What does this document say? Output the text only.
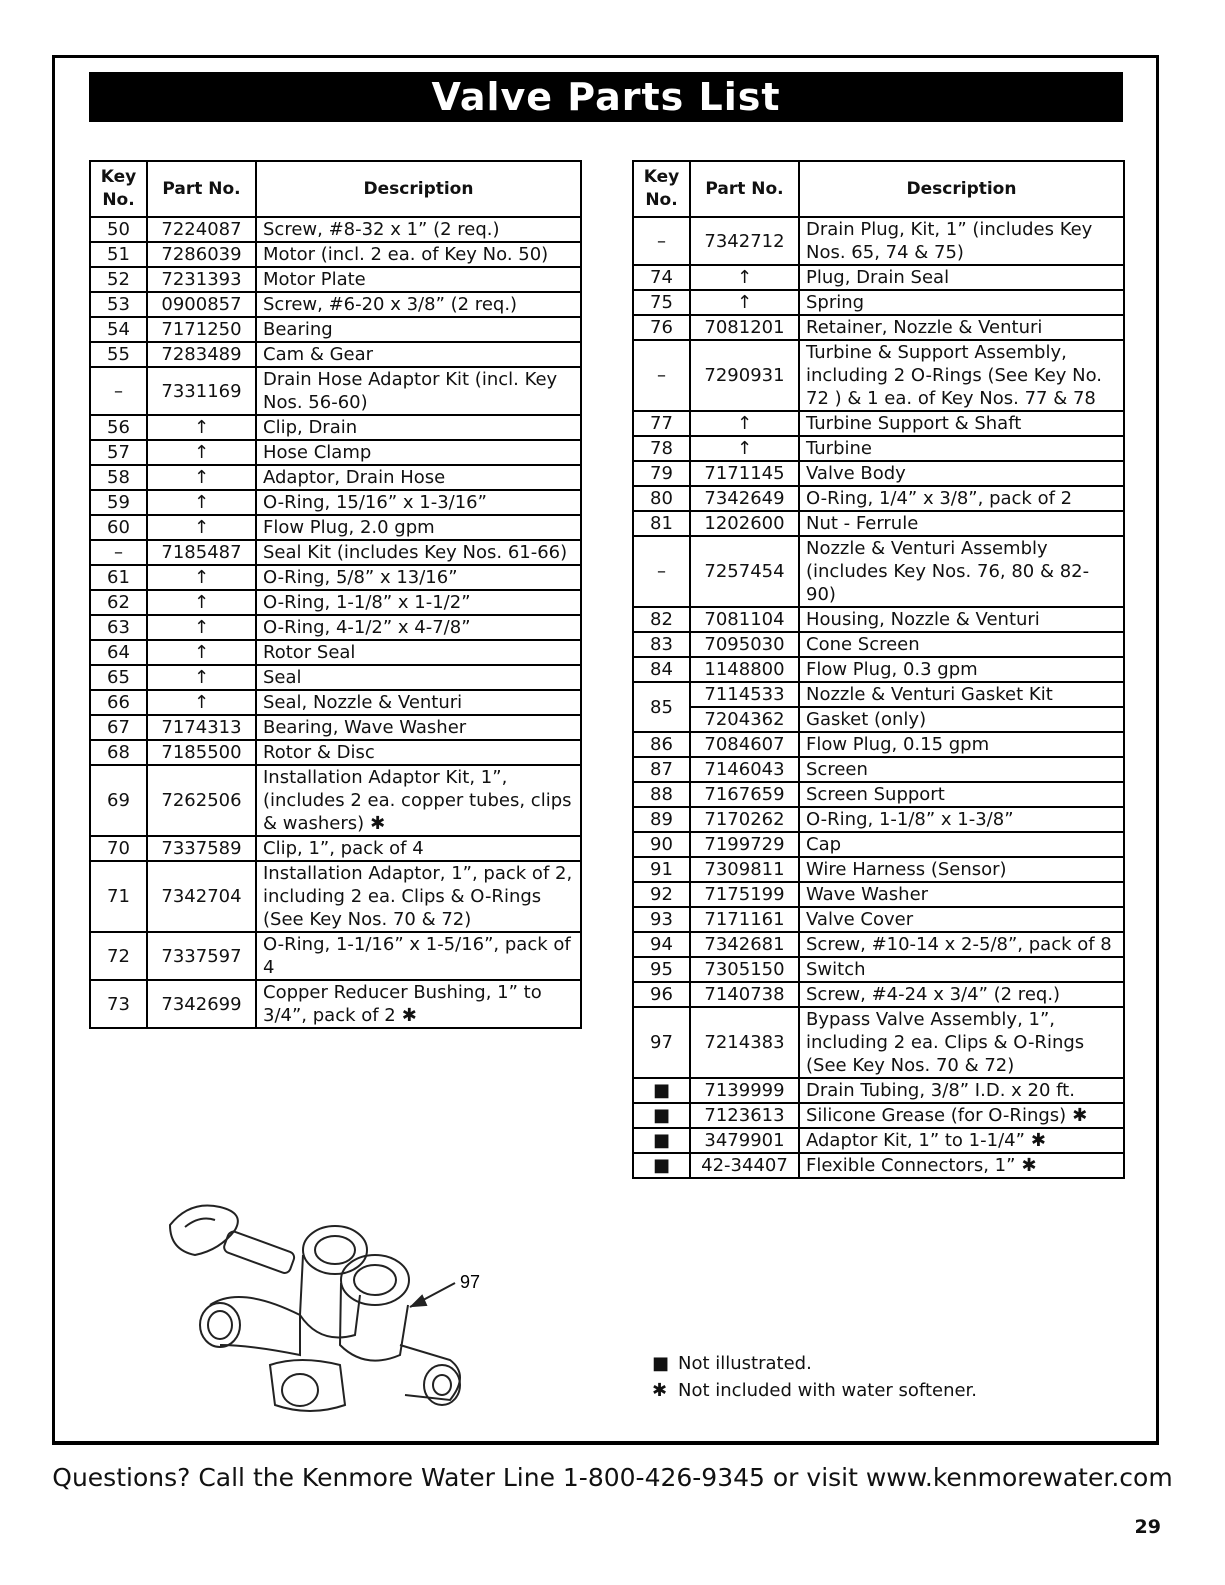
Valve Parts List
Key No.	Part No.	Description
50	7224087	Screw, #8-32 x 1” (2 req.)
51	7286039	Motor (incl. 2 ea. of Key No. 50)
52	7231393	Motor Plate
53	0900857	Screw, #6-20 x 3/8” (2 req.)
54	7171250	Bearing
55	7283489	Cam & Gear
–	7331169	Drain Hose Adaptor Kit (incl. Key Nos. 56-60)
56	↑	Clip, Drain
57	↑	Hose Clamp
58	↑	Adaptor, Drain Hose
59	↑	O-Ring, 15/16” x 1-3/16”
60	↑	Flow Plug, 2.0 gpm
–	7185487	Seal Kit (includes Key Nos. 61-66)
61	↑	O-Ring, 5/8” x 13/16”
62	↑	O-Ring, 1-1/8” x 1-1/2”
63	↑	O-Ring, 4-1/2” x 4-7/8”
64	↑	Rotor Seal
65	↑	Seal
66	↑	Seal, Nozzle & Venturi
67	7174313	Bearing, Wave Washer
68	7185500	Rotor & Disc
69	7262506	Installation Adaptor Kit, 1”, (includes 2 ea. copper tubes, clips & washers) ✱
70	7337589	Clip, 1”, pack of 4
71	7342704	Installation Adaptor, 1”, pack of 2, including 2 ea. Clips & O-Rings (See Key Nos. 70 & 72)
72	7337597	O-Ring, 1-1/16” x 1-5/16”, pack of 4
73	7342699	Copper Reducer Bushing, 1” to 3/4”, pack of 2 ✱
Key No.	Part No.	Description
–	7342712	Drain Plug, Kit, 1” (includes Key Nos. 65, 74 & 75)
74	↑	Plug, Drain Seal
75	↑	Spring
76	7081201	Retainer, Nozzle & Venturi
–	7290931	Turbine & Support Assembly, including 2 O-Rings (See Key No. 72 ) & 1 ea. of Key Nos. 77 & 78
77	↑	Turbine Support & Shaft
78	↑	Turbine
79	7171145	Valve Body
80	7342649	O-Ring, 1/4” x 3/8”, pack of 2
81	1202600	Nut - Ferrule
–	7257454	Nozzle & Venturi Assembly (includes Key Nos. 76, 80 & 82-90)
82	7081104	Housing, Nozzle & Venturi
83	7095030	Cone Screen
84	1148800	Flow Plug, 0.3 gpm
85	7114533	Nozzle & Venturi Gasket Kit
	7204362	Gasket (only)
86	7084607	Flow Plug, 0.15 gpm
87	7146043	Screen
88	7167659	Screen Support
89	7170262	O-Ring, 1-1/8” x 1-3/8”
90	7199729	Cap
91	7309811	Wire Harness (Sensor)
92	7175199	Wave Washer
93	7171161	Valve Cover
94	7342681	Screw, #10-14 x 2-5/8”, pack of 8
95	7305150	Switch
96	7140738	Screw, #4-24 x 3/4” (2 req.)
97	7214383	Bypass Valve Assembly, 1”, including 2 ea. Clips & O-Rings (See Key Nos. 70 & 72)
■	7139999	Drain Tubing, 3/8” I.D. x 20 ft.
■	7123613	Silicone Grease (for O-Rings) ✱
■	3479901	Adaptor Kit, 1” to 1-1/4” ✱
■	42-34407	Flexible Connectors, 1” ✱
97
■ Not illustrated.
✱ Not included with water softener.
Questions? Call the Kenmore Water Line 1-800-426-9345 or visit www.kenmorewater.com
29
